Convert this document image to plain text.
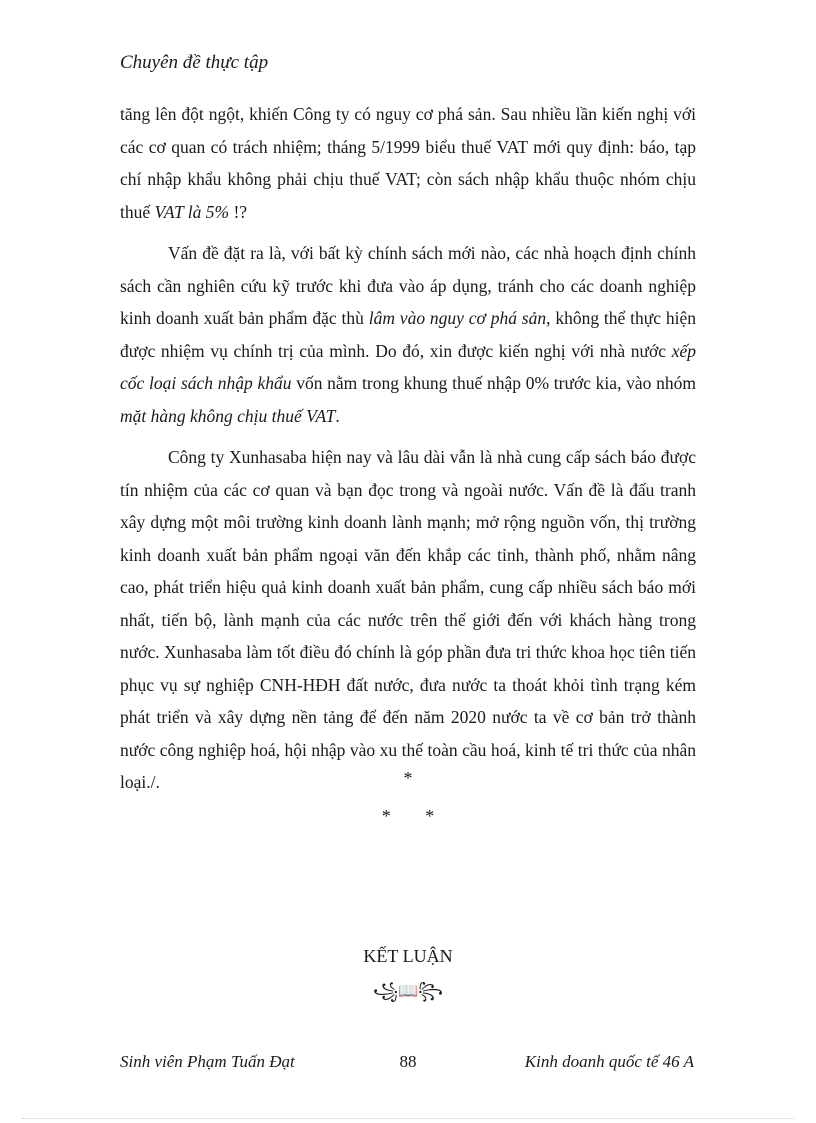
Chuyên đề thực tập

tăng lên đột ngột, khiến Công ty có nguy cơ phá sản. Sau nhiều lần kiến nghị với các cơ quan có trách nhiệm; tháng 5/1999 biểu thuế VAT mới quy định: báo, tạp chí nhập khẩu không phải chịu thuế VAT; còn sách nhập khẩu thuộc nhóm chịu thuế VAT là 5% !?

Vấn đề đặt ra là, với bất kỳ chính sách mới nào, các nhà hoạch định chính sách cần nghiên cứu kỹ trước khi đưa vào áp dụng, tránh cho các doanh nghiệp kinh doanh xuất bản phẩm đặc thù lâm vào nguy cơ phá sản, không thể thực hiện được nhiệm vụ chính trị của mình. Do đó, xin được kiến nghị với nhà nước xếp cốc loại sách nhập khẩu vốn nằm trong khung thuế nhập 0% trước kia, vào nhóm mặt hàng không chịu thuế VAT.

Công ty Xunhasaba hiện nay và lâu dài vẫn là nhà cung cấp sách báo được tín nhiệm của các cơ quan và bạn đọc trong và ngoài nước. Vấn đề là đấu tranh xây dựng một môi trường kinh doanh lành mạnh; mở rộng nguồn vốn, thị trường kinh doanh xuất bản phẩm ngoại văn đến khắp các tỉnh, thành phố, nhằm nâng cao, phát triển hiệu quả kinh doanh xuất bản phẩm, cung cấp nhiều sách báo mới nhất, tiến bộ, lành mạnh của các nước trên thế giới đến với khách hàng trong nước. Xunhasaba làm tốt điều đó chính là góp phần đưa tri thức khoa học tiên tiến phục vụ sự nghiệp CNH-HĐH đất nước, đưa nước ta thoát khỏi tình trạng kém phát triển và xây dựng nền tảng để đến năm 2020 nước ta về cơ bản trở thành nước công nghiệp hoá, hội nhập vào xu thế toàn cầu hoá, kinh tế tri thức của nhân loại./.	*
* *
KẾT LUẬN
꧁📖꧂
Sinh viên Phạm Tuấn Đạt	88	Kinh doanh quốc tế 46 A
